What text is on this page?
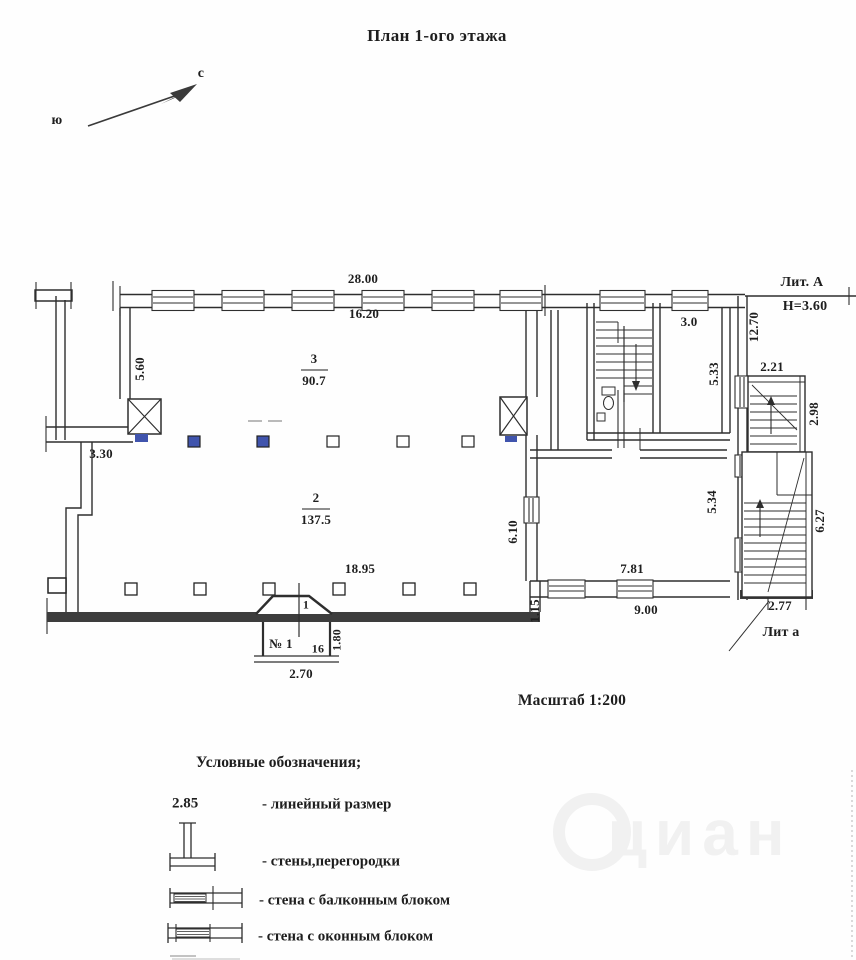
циан
План 1-ого этажа
с
ю
28.00
16.20
Лит. А
Н=3.60
12.70
5.60
3.30
3
90.7
2
137.5
3.0
5.33
5.34
6.10
1.15
18.95	7.81
9.00
2.21
2.98
6.27
2.77
Лит а
1
№ 1 16 1.80
2.70
Масштаб 1:200
Условные обозначения;
2.85	- линейный размер
- стены,перегородки
- стена с балконным блоком
- стена с оконным блоком
